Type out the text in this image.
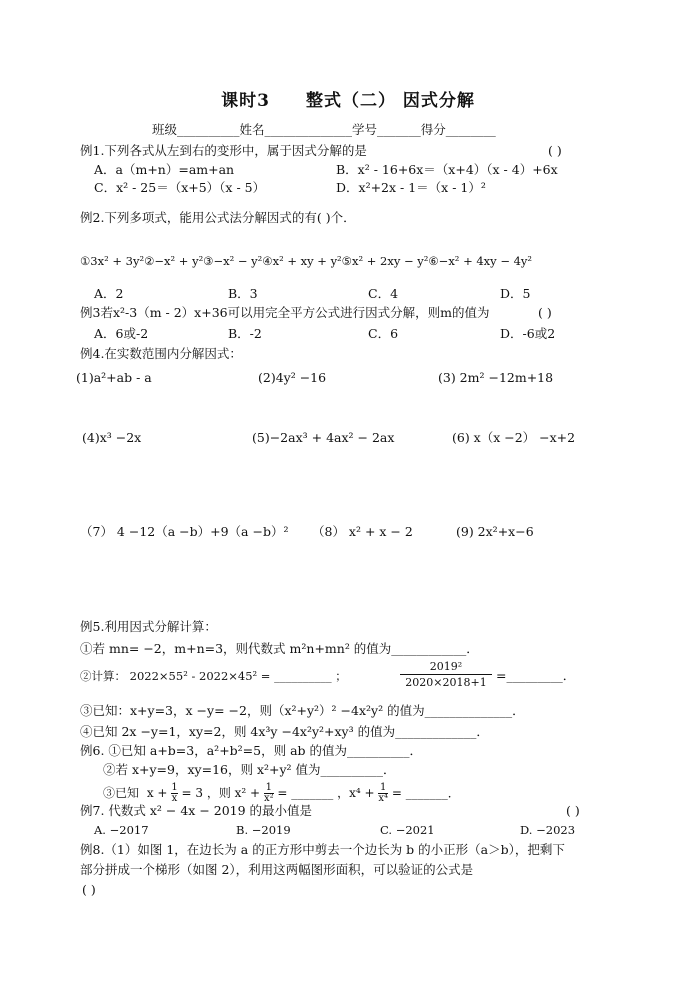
课时3　　整式（二） 因式分解
班级__________姓名______________学号_______得分________
例1.下列各式从左到右的变形中，属于因式分解的是	( )
A．a（m+n）=am+an	B．x² - 16+6x＝（x+4）（x - 4）+6x
C．x² - 25＝（x+5）（x - 5）	D．x²+2x - 1＝（x - 1）²
例2.下列多项式，能用公式法分解因式的有( )个．
①3x² + 3y²②−x² + y²③−x² − y²④x² + xy + y²⑤x² + 2xy − y²⑥−x² + 4xy − 4y²
A．2	B．3	C．4	D．5
例3若x²-3（m - 2）x+36可以用完全平方公式进行因式分解，则m的值为	( )
A．6或-2	B．-2	C．6	D．-6或2
例4.在实数范围内分解因式：
(1)a²+ab - a	(2)4y² −16	(3) 2m² −12m+18
(4)x³ −2x	(5)−2ax³ + 4ax² − 2ax	(6) x（x −2） −x+2
（7） 4 −12（a −b）+9（a −b）² （8） x² + x − 2	(9) 2x²+x−6
例5.利用因式分解计算：
①若 mn= −2，m+n=3，则代数式 m²n+mn² 的值为____________．
②计算： 2022×55² - 2022×45² = __________ ；	$\frac{\text{2019²}}{2020\times 2018+1}$ =_________．
③已知：x+y=3，x −y= −2，则（x²+y²）² −4x²y² 的值为______________．
④已知 2x −y=1，xy=2，则 4x³y −4x²y²+xy³ 的值为_____________．
例6. ①已知 a+b=3，a²+b²=5，则 ab 的值为__________．
②若 x+y=9，xy=16，则 x²+y² 值为__________．
③已知 $x + \frac{1}{x} = 3$ ，则 $x^2 + \frac{1}{\text{x²}}$ = _______ ，$x^4 + \frac{1}{\text{x⁴}}$ = _______．
例7. 代数式 x² − 4x − 2019 的最小值是	( )
A. −2017	B. −2019	C. −2021	D. −2023
例8.（1）如图 1，在边长为 a 的正方形中剪去一个边长为 b 的小正形（a＞b），把剩下
部分拼成一个梯形（如图 2），利用这两幅图形面积，可以验证的公式是
( )
